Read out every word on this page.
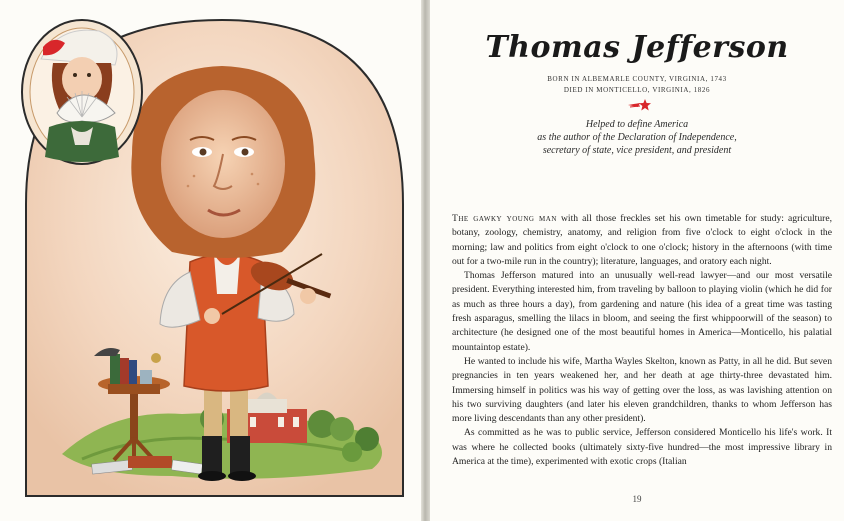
Thomas Jefferson
BORN IN ALBEMARLE COUNTY, VIRGINIA, 1743
DIED IN MONTICELLO, VIRGINIA, 1826
Helped to define America
as the author of the Declaration of Independence,
secretary of state, vice president, and president

The gawky young man with all those freckles set his own timetable for study: agriculture, botany, zoology, chemistry, anatomy, and religion from five o'clock to eight o'clock in the morning; law and politics from eight o'clock to one o'clock; history in the afternoons (with time out for a two-mile run in the country); literature, languages, and oratory each night.

Thomas Jefferson matured into an unusually well-read lawyer—and our most versatile president. Everything interested him, from traveling by balloon to playing violin (which he did for as much as three hours a day), from gardening and nature (his idea of a great time was tasting fresh asparagus, smelling the lilacs in bloom, and seeing the first whippoorwill of the season) to architecture (he designed one of the most beautiful homes in America—Monticello, his palatial mountaintop estate).

He wanted to include his wife, Martha Wayles Skelton, known as Patty, in all he did. But seven pregnancies in ten years weakened her, and her death at age thirty-three devastated him. Immersing himself in politics was his way of getting over the loss, as was lavishing attention on his two surviving daughters (and later his eleven grandchildren, thanks to whom Jefferson has more living descendants than any other president).

As committed as he was to public service, Jefferson considered Monticello his life's work. It was where he collected books (ultimately sixty-five hundred—the most impressive library in America at the time), experimented with exotic crops (Italian

19
